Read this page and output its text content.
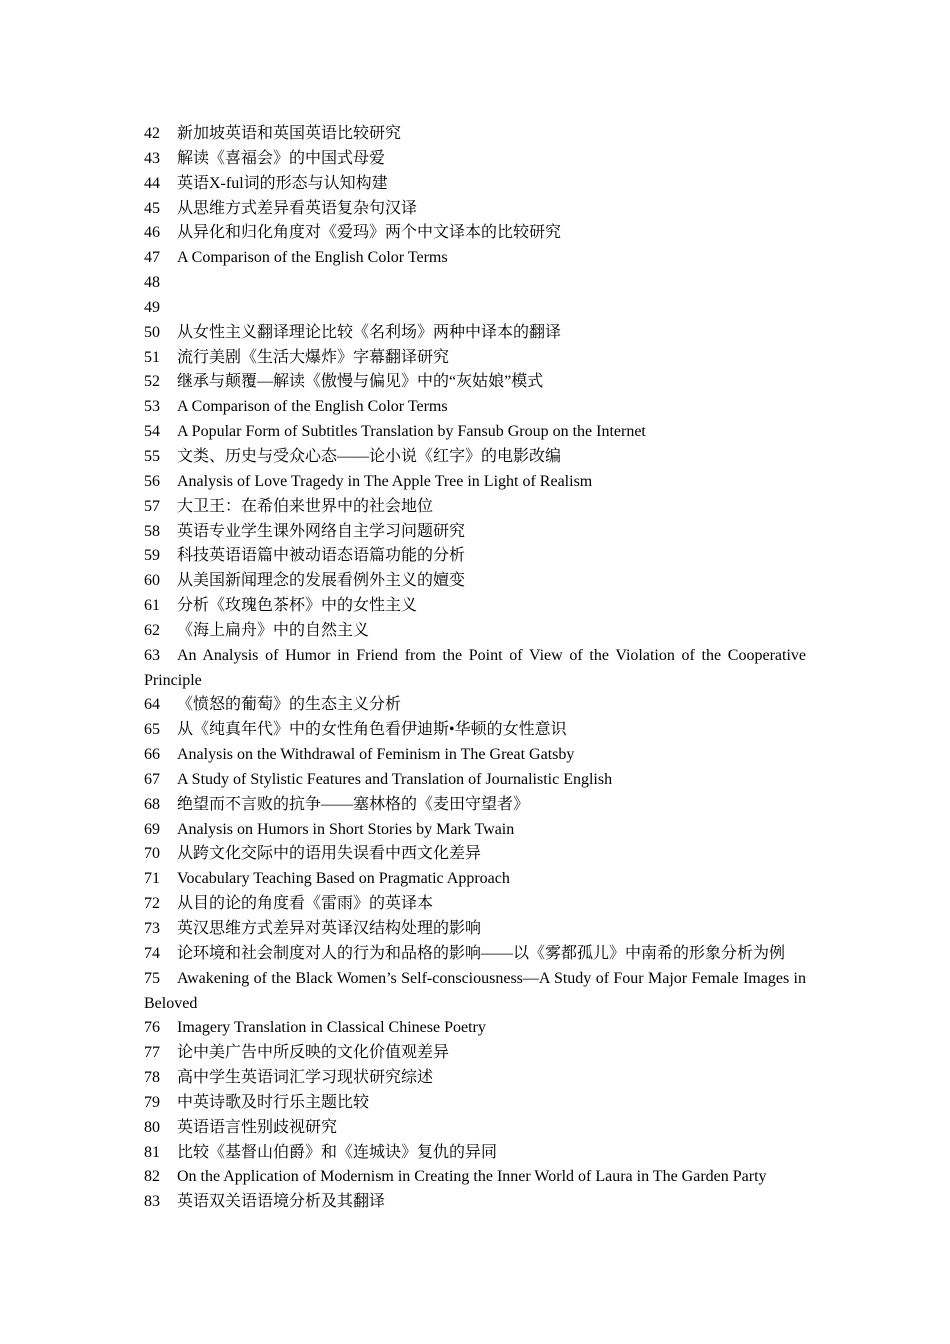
42 新加坡英语和英国英语比较研究

43 解读《喜福会》的中国式母爱

44 英语X-ful词的形态与认知构建

45 从思维方式差异看英语复杂句汉译

46 从异化和归化角度对《爱玛》两个中文译本的比较研究

47 A Comparison of the English Color Terms

48

49

50 从女性主义翻译理论比较《名利场》两种中译本的翻译

51 流行美剧《生活大爆炸》字幕翻译研究

52 继承与颠覆—解读《傲慢与偏见》中的“灰姑娘”模式

53 A Comparison of the English Color Terms

54 A Popular Form of Subtitles Translation by Fansub Group on the Internet

55 文类、历史与受众心态——论小说《红字》的电影改编

56 Analysis of Love Tragedy in The Apple Tree in Light of Realism

57 大卫王：在希伯来世界中的社会地位

58 英语专业学生课外网络自主学习问题研究

59 科技英语语篇中被动语态语篇功能的分析

60 从美国新闻理念的发展看例外主义的嬗变

61 分析《玫瑰色茶杯》中的女性主义

62 《海上扁舟》中的自然主义

63 An Analysis of Humor in Friend from the Point of View of the Violation of the Cooperative Principle

64 《愤怒的葡萄》的生态主义分析

65 从《纯真年代》中的女性角色看伊迪斯•华顿的女性意识

66 Analysis on the Withdrawal of Feminism in The Great Gatsby

67 A Study of Stylistic Features and Translation of Journalistic English

68 绝望而不言败的抗争——塞林格的《麦田守望者》

69 Analysis on Humors in Short Stories by Mark Twain

70 从跨文化交际中的语用失误看中西文化差异

71 Vocabulary Teaching Based on Pragmatic Approach

72 从目的论的角度看《雷雨》的英译本

73 英汉思维方式差异对英译汉结构处理的影响

74 论环境和社会制度对人的行为和品格的影响——以《雾都孤儿》中南希的形象分析为例

75 Awakening of the Black Women’s Self-consciousness—A Study of Four Major Female Images in Beloved

76 Imagery Translation in Classical Chinese Poetry

77 论中美广告中所反映的文化价值观差异

78 高中学生英语词汇学习现状研究综述

79 中英诗歌及时行乐主题比较

80 英语语言性别歧视研究

81 比较《基督山伯爵》和《连城诀》复仇的异同

82 On the Application of Modernism in Creating the Inner World of Laura in The Garden Party

83 英语双关语语境分析及其翻译
